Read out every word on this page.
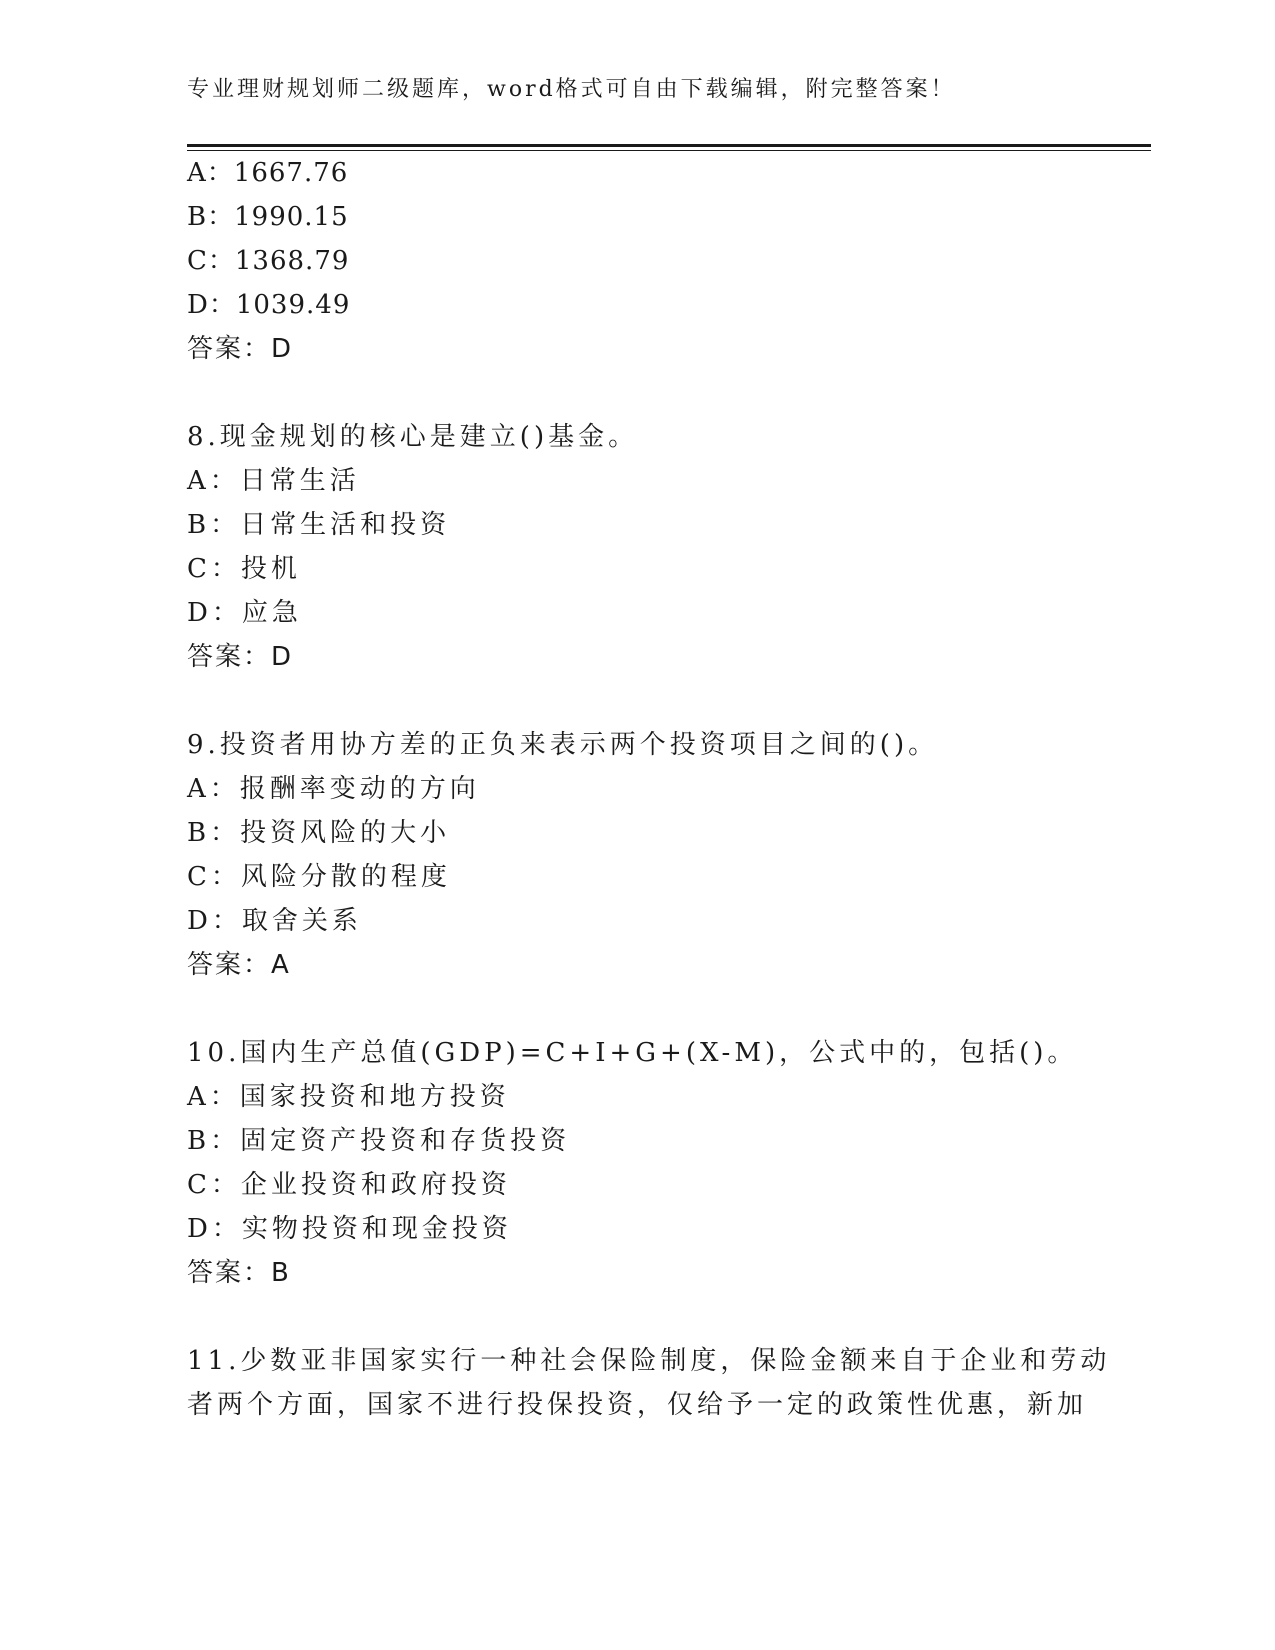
专业理财规划师二级题库，word格式可自由下载编辑，附完整答案！
A：1667.76
B：1990.15
C：1368.79
D：1039.49
答案：D
8.现金规划的核心是建立()基金。
A：日常生活
B：日常生活和投资
C：投机
D：应急
答案：D
9.投资者用协方差的正负来表示两个投资项目之间的()。
A：报酬率变动的方向
B：投资风险的大小
C：风险分散的程度
D：取舍关系
答案：A
10.国内生产总值(GDP)=C+I+G+(X-M)，公式中的，包括()。
A：国家投资和地方投资
B：固定资产投资和存货投资
C：企业投资和政府投资
D：实物投资和现金投资
答案：B
11.少数亚非国家实行一种社会保险制度，保险金额来自于企业和劳动
者两个方面，国家不进行投保投资，仅给予一定的政策性优惠，新加
